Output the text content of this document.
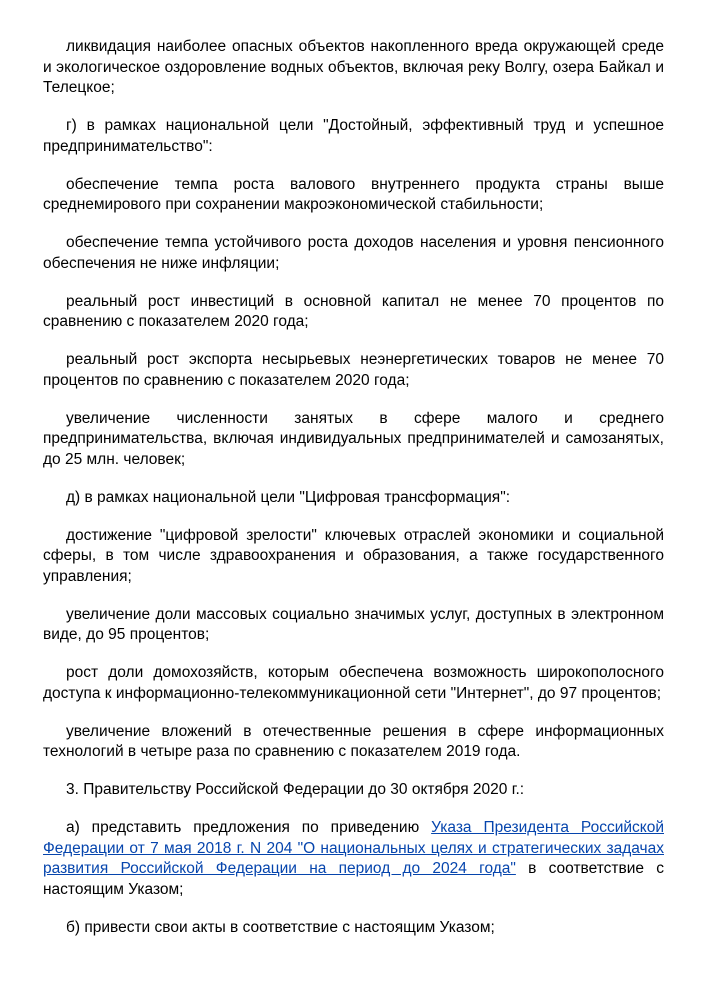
ликвидация наиболее опасных объектов накопленного вреда окружающей среде и экологическое оздоровление водных объектов, включая реку Волгу, озера Байкал и Телецкое;

г) в рамках национальной цели "Достойный, эффективный труд и успешное предпринимательство":

обеспечение темпа роста валового внутреннего продукта страны выше среднемирового при сохранении макроэкономической стабильности;

обеспечение темпа устойчивого роста доходов населения и уровня пенсионного обеспечения не ниже инфляции;

реальный рост инвестиций в основной капитал не менее 70 процентов по сравнению с показателем 2020 года;

реальный рост экспорта несырьевых неэнергетических товаров не менее 70 процентов по сравнению с показателем 2020 года;

увеличение численности занятых в сфере малого и среднего предпринимательства, включая индивидуальных предпринимателей и самозанятых, до 25 млн. человек;

д) в рамках национальной цели "Цифровая трансформация":

достижение "цифровой зрелости" ключевых отраслей экономики и социальной сферы, в том числе здравоохранения и образования, а также государственного управления;

увеличение доли массовых социально значимых услуг, доступных в электронном виде, до 95 процентов;

рост доли домохозяйств, которым обеспечена возможность широкополосного доступа к информационно-телекоммуникационной сети "Интернет", до 97 процентов;

увеличение вложений в отечественные решения в сфере информационных технологий в четыре раза по сравнению с показателем 2019 года.

3. Правительству Российской Федерации до 30 октября 2020 г.:

а) представить предложения по приведению Указа Президента Российской Федерации от 7 мая 2018 г. N 204 "О национальных целях и стратегических задачах развития Российской Федерации на период до 2024 года" в соответствие с настоящим Указом;

б) привести свои акты в соответствие с настоящим Указом;
